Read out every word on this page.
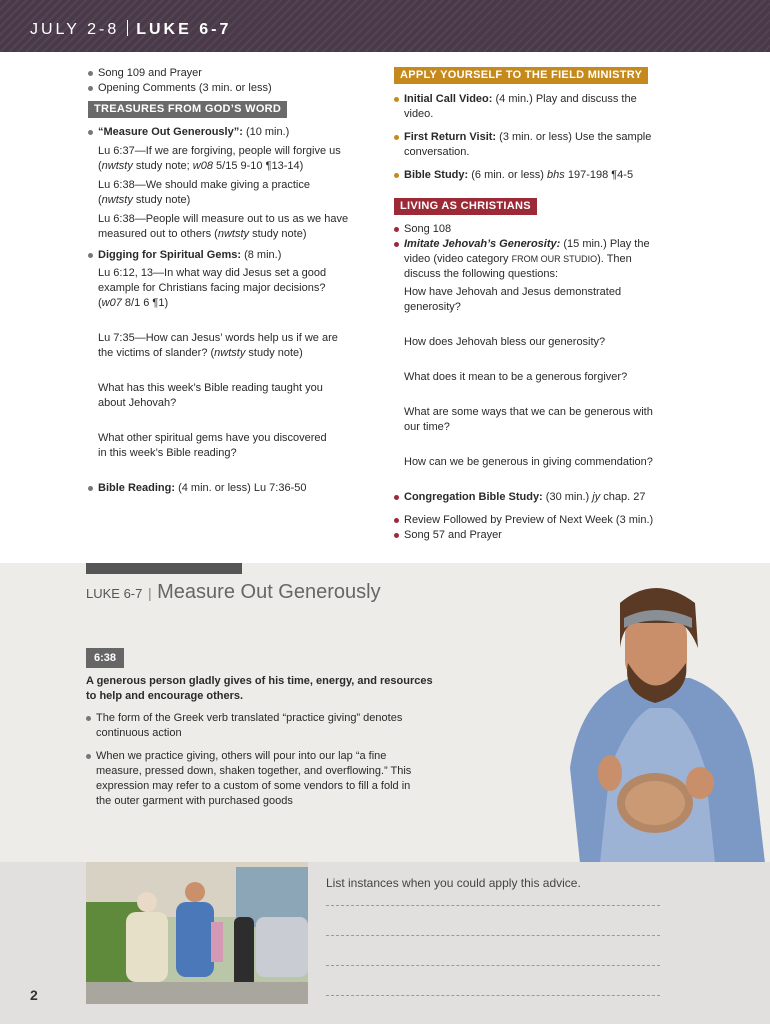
JULY 2-8 LUKE 6-7
Song 109 and Prayer
Opening Comments (3 min. or less)
TREASURES FROM GOD’S WORD
“Measure Out Generously”: (10 min.)

Lu 6:37—If we are forgiving, people will forgive us

(nwtsty study note; w08 5/15 9-10 ¶13-14)

Lu 6:38—We should make giving a practice

(nwtsty study note)

Lu 6:38—People will measure out to us as we have

measured out to others (nwtsty study note)

Digging for Spiritual Gems: (8 min.)

Lu 6:12, 13—In what way did Jesus set a good

example for Christians facing major decisions?

(w07 8/1 6 ¶1)

Lu 7:35—How can Jesus’ words help us if we are

the victims of slander? (nwtsty study note)

What has this week’s Bible reading taught you

about Jehovah?

What other spiritual gems have you discovered

in this week’s Bible reading?

Bible Reading: (4 min. or less) Lu 7:36-50
APPLY YOURSELF TO THE FIELD MINISTRY
Initial Call Video: (4 min.) Play and discuss the
video.
First Return Visit: (3 min. or less) Use the sample
conversation.
Bible Study: (6 min. or less) bhs 197-198 ¶4-5
LIVING AS CHRISTIANS
Song 108
Imitate Jehovah’s Generosity: (15 min.) Play the
video (video category FROM OUR STUDIO). Then
discuss the following questions:

How have Jehovah and Jesus demonstrated

generosity?

How does Jehovah bless our generosity?

What does it mean to be a generous forgiver?

What are some ways that we can be generous with

our time?

How can we be generous in giving commendation?

Congregation Bible Study: (30 min.) jy chap. 27
Review Followed by Preview of Next Week (3 min.)
Song 57 and Prayer
LUKE 6-7 | Measure Out Generously
6:38

A generous person gladly gives of his time, energy, and resources

to help and encourage others.

The form of the Greek verb translated “practice giving” denotes
continuous action
When we practice giving, others will pour into our lap “a fine
measure, pressed down, shaken together, and overflowing.” This
expression may refer to a custom of some vendors to fill a fold in
the outer garment with purchased goods
List instances when you could apply this advice.
2
